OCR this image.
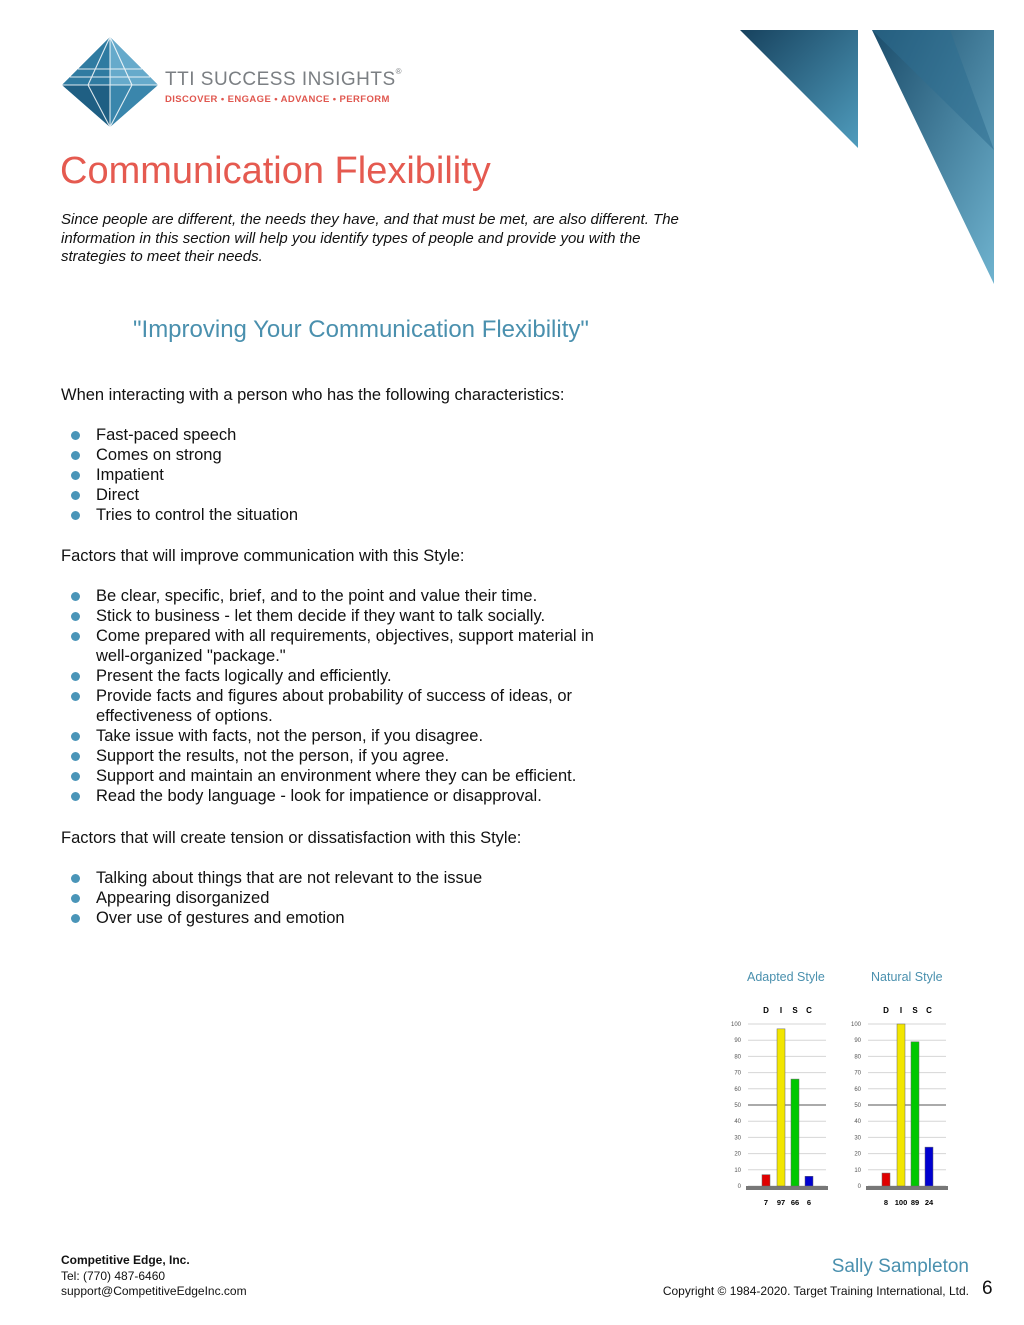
TTI SUCCESS INSIGHTS®
DISCOVER • ENGAGE • ADVANCE • PERFORM
Communication Flexibility
Since people are different, the needs they have, and that must be met, are also different. The information in this section will help you identify types of people and provide you with the strategies to meet their needs.
"Improving Your Communication Flexibility"
When interacting with a person who has the following characteristics:
Fast-paced speech
Comes on strong
Impatient
Direct
Tries to control the situation
Factors that will improve communication with this Style:
Be clear, specific, brief, and to the point and value their time.
Stick to business - let them decide if they want to talk socially.
Come prepared with all requirements, objectives, support material in
well-organized "package."
Present the facts logically and efficiently.
Provide facts and figures about probability of success of ideas, or
effectiveness of options.
Take issue with facts, not the person, if you disagree.
Support the results, not the person, if you agree.
Support and maintain an environment where they can be efficient.
Read the body language - look for impatience or disapproval.
Factors that will create tension or dissatisfaction with this Style:
Talking about things that are not relevant to the issue
Appearing disorganized
Over use of gestures and emotion
Adapted Style	Natural Style
0
10
20
30
40
50
60
70
80
90
100
D
7
I
97
S
66
C
6
0
10
20
30
40
50
60
70
80
90
100
D
8
I
100
S
89
C
24
Competitive Edge, Inc.
Tel: (770) 487-6460
support@CompetitiveEdgeInc.com
Sally Sampleton
Copyright © 1984-2020. Target Training International, Ltd. 6
